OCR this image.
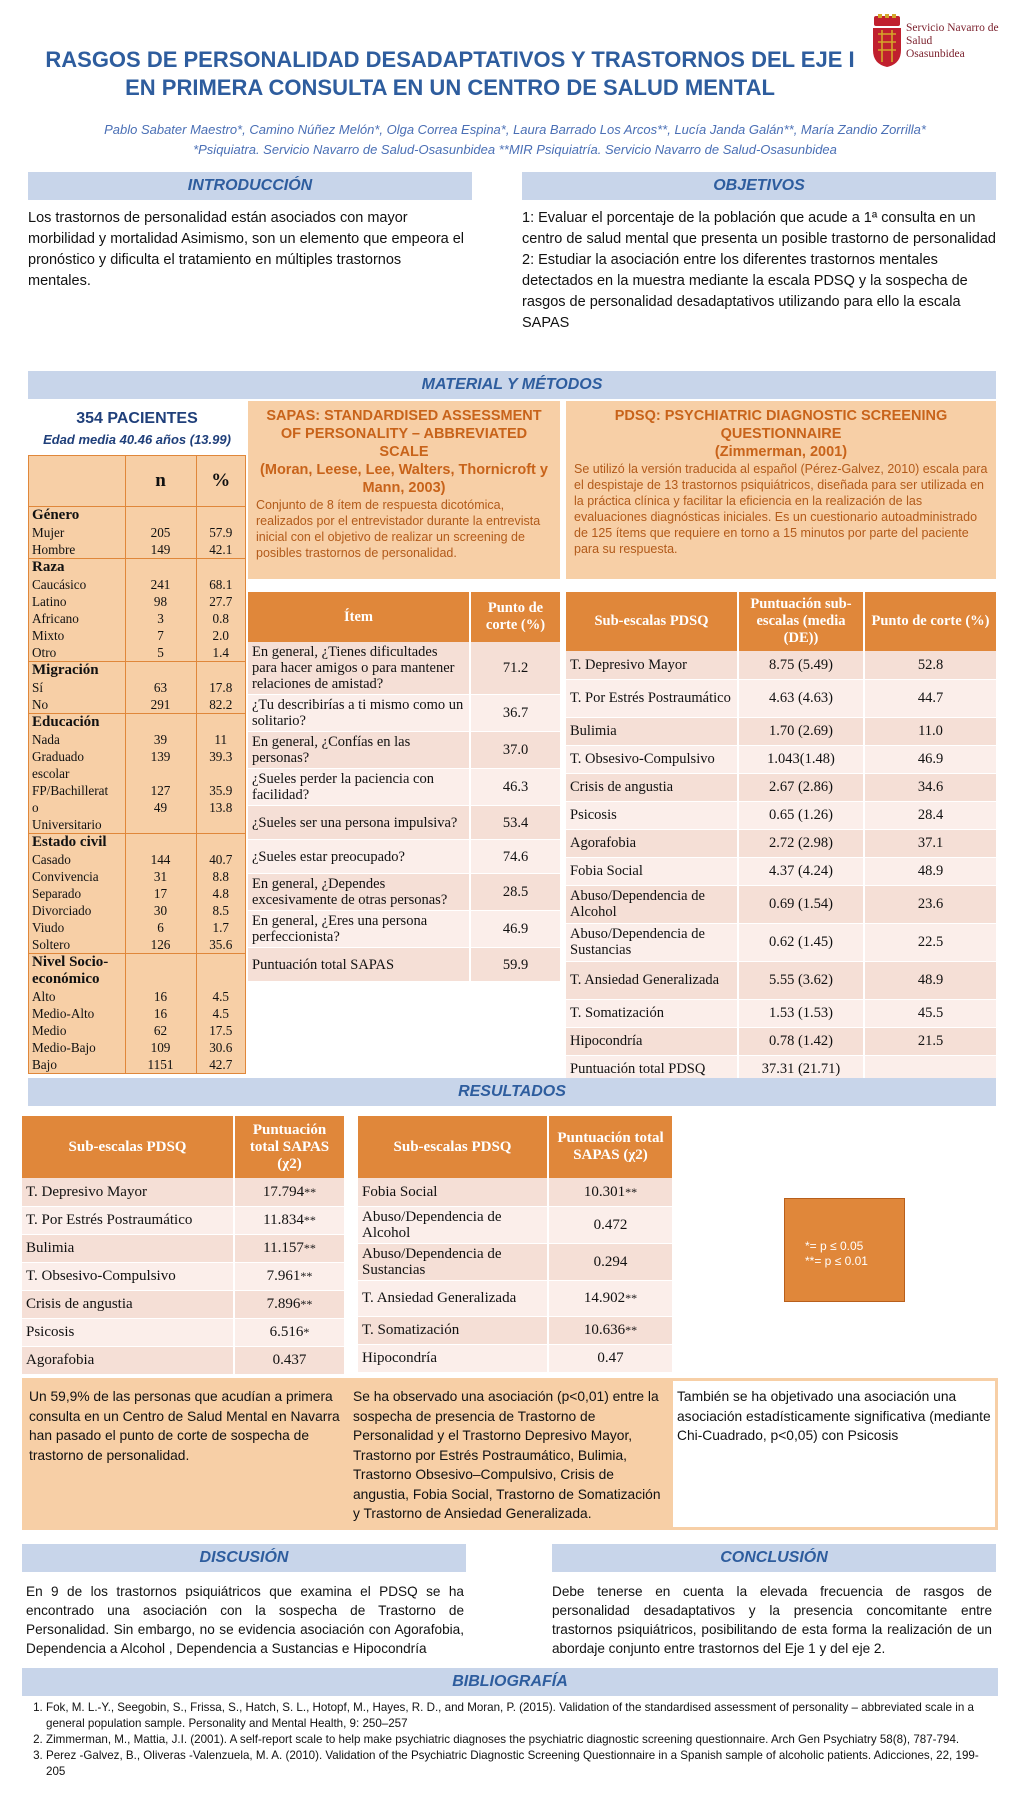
RASGOS DE PERSONALIDAD DESADAPTATIVOS Y TRASTORNOS DEL EJE I
EN PRIMERA CONSULTA EN UN CENTRO DE SALUD MENTAL
Servicio Navarro de Salud
Osasunbidea
Pablo Sabater Maestro*, Camino Núñez Melón*, Olga Correa Espina*, Laura Barrado Los Arcos**, Lucía Janda Galán**, María Zandio Zorrilla*
*Psiquiatra. Servicio Navarro de Salud-Osasunbidea **MIR Psiquiatría. Servicio Navarro de Salud-Osasunbidea
INTRODUCCIÓN
Los trastornos de personalidad están asociados con mayor morbilidad y mortalidad Asimismo, son un elemento que empeora el pronóstico y dificulta el tratamiento en múltiples trastornos mentales.
OBJETIVOS
1: Evaluar el porcentaje de la población que acude a 1ª consulta en un centro de salud mental que presenta un posible trastorno de personalidad
2: Estudiar la asociación entre los diferentes trastornos mentales detectados en la muestra mediante la escala PDSQ y la sospecha de rasgos de personalidad desadaptativos utilizando para ello la escala SAPAS
MATERIAL Y MÉTODOS
354 PACIENTES
Edad media 40.46 años (13.99)
	n	%
Género		
Mujer	205	57.9
Hombre	149	42.1
Raza		
Caucásico	241	68.1
Latino	98	27.7
Africano	3	0.8
Mixto	7	2.0
Otro	5	1.4
Migración		
Sí	63	17.8
No	291	82.2
Educación		
Nada	39	11
Graduado	139	39.3
escolar		
FP/Bachillerat	127	35.9
o	49	13.8
Universitario		
Estado civil		
Casado	144	40.7
Convivencia	31	8.8
Separado	17	4.8
Divorciado	30	8.5
Viudo	6	1.7
Soltero	126	35.6
Nivel Socio-		
económico		
Alto	16	4.5
Medio-Alto	16	4.5
Medio	62	17.5
Medio-Bajo	109	30.6
Bajo	1151	42.7
SAPAS: STANDARDISED ASSESSMENT OF PERSONALITY – ABBREVIATED SCALE
(Moran, Leese, Lee, Walters, Thornicroft y Mann, 2003)
Conjunto de 8 ítem de respuesta dicotómica, realizados por el entrevistador durante la entrevista inicial con el objetivo de realizar un screening de posibles trastornos de personalidad.
PDSQ: PSYCHIATRIC DIAGNOSTIC SCREENING QUESTIONNAIRE
(Zimmerman, 2001)
Se utilizó la versión traducida al español (Pérez-Galvez, 2010) escala para el despistaje de 13 trastornos psiquiátricos, diseñada para ser utilizada en la práctica clínica y facilitar la eficiencia en la realización de las evaluaciones diagnósticas iniciales. Es un cuestionario autoadministrado de 125 ítems que requiere en torno a 15 minutos por parte del paciente para su respuesta.
Ítem	Punto de corte (%)
En general, ¿Tienes dificultades para hacer amigos o para mantener relaciones de amistad?	71.2
¿Tu describirías a ti mismo como un solitario?	36.7
En general, ¿Confías en las personas?	37.0
¿Sueles perder la paciencia con facilidad?	46.3
¿Sueles ser una persona impulsiva?	53.4
¿Sueles estar preocupado?	74.6
En general, ¿Dependes excesivamente de otras personas?	28.5
En general, ¿Eres una persona perfeccionista?	46.9
Puntuación total SAPAS	59.9
Sub-escalas PDSQ	Puntuación sub-escalas (media (DE))	Punto de corte (%)
T. Depresivo Mayor	8.75 (5.49)	52.8
T. Por Estrés Postraumático	4.63 (4.63)	44.7
Bulimia	1.70 (2.69)	11.0
T. Obsesivo-Compulsivo	1.043(1.48)	46.9
Crisis de angustia	2.67 (2.86)	34.6
Psicosis	0.65 (1.26)	28.4
Agorafobia	2.72 (2.98)	37.1
Fobia Social	4.37 (4.24)	48.9
Abuso/Dependencia de Alcohol	0.69 (1.54)	23.6
Abuso/Dependencia de Sustancias	0.62 (1.45)	22.5
T. Ansiedad Generalizada	5.55 (3.62)	48.9
T. Somatización	1.53 (1.53)	45.5
Hipocondría	0.78 (1.42)	21.5
Puntuación total PDSQ	37.31 (21.71)	
RESULTADOS
Sub-escalas PDSQ	Puntuación total SAPAS (χ2)
T. Depresivo Mayor	17.794**
T. Por Estrés Postraumático	11.834**
Bulimia	11.157**
T. Obsesivo-Compulsivo	7.961**
Crisis de angustia	7.896**
Psicosis	6.516*
Agorafobia	0.437
Sub-escalas PDSQ	Puntuación total SAPAS (χ2)
Fobia Social	10.301**
Abuso/Dependencia de Alcohol	0.472
Abuso/Dependencia de Sustancias	0.294
T. Ansiedad Generalizada	14.902**
T. Somatización	10.636**
Hipocondría	0.47
*= p ≤ 0.05
**= p ≤ 0.01
Un 59,9% de las personas que acudían a primera consulta en un Centro de Salud Mental en Navarra han pasado el punto de corte de sospecha de trastorno de personalidad.
Se ha observado una asociación (p<0,01) entre la sospecha de presencia de Trastorno de Personalidad y el Trastorno Depresivo Mayor, Trastorno por Estrés Postraumático, Bulimia, Trastorno Obsesivo–Compulsivo, Crisis de angustia, Fobia Social, Trastorno de Somatización y Trastorno de Ansiedad Generalizada.
También se ha objetivado una asociación una asociación estadísticamente significativa (mediante Chi-Cuadrado, p<0,05) con Psicosis
DISCUSIÓN
En 9 de los trastornos psiquiátricos que examina el PDSQ se ha encontrado una asociación con la sospecha de Trastorno de Personalidad. Sin embargo, no se evidencia asociación con Agorafobia, Dependencia a Alcohol , Dependencia a Sustancias e Hipocondría
CONCLUSIÓN
Debe tenerse en cuenta la elevada frecuencia de rasgos de personalidad desadaptativos y la presencia concomitante entre trastornos psiquiátricos, posibilitando de esta forma la realización de un abordaje conjunto entre trastornos del Eje 1 y del eje 2.
BIBLIOGRAFÍA
1. Fok, M. L.-Y., Seegobin, S., Frissa, S., Hatch, S. L., Hotopf, M., Hayes, R. D., and Moran, P. (2015). Validation of the standardised assessment of personality – abbreviated scale in a general population sample. Personality and Mental Health, 9: 250–257
2. Zimmerman, M., Mattia, J.I. (2001). A self-report scale to help make psychiatric diagnoses the psychiatric diagnostic screening questionnaire. Arch Gen Psychiatry 58(8), 787-794.
3. Perez -Galvez, B., Oliveras -Valenzuela, M. A. (2010). Validation of the Psychiatric Diagnostic Screening Questionnaire in a Spanish sample of alcoholic patients. Adicciones, 22, 199-205
